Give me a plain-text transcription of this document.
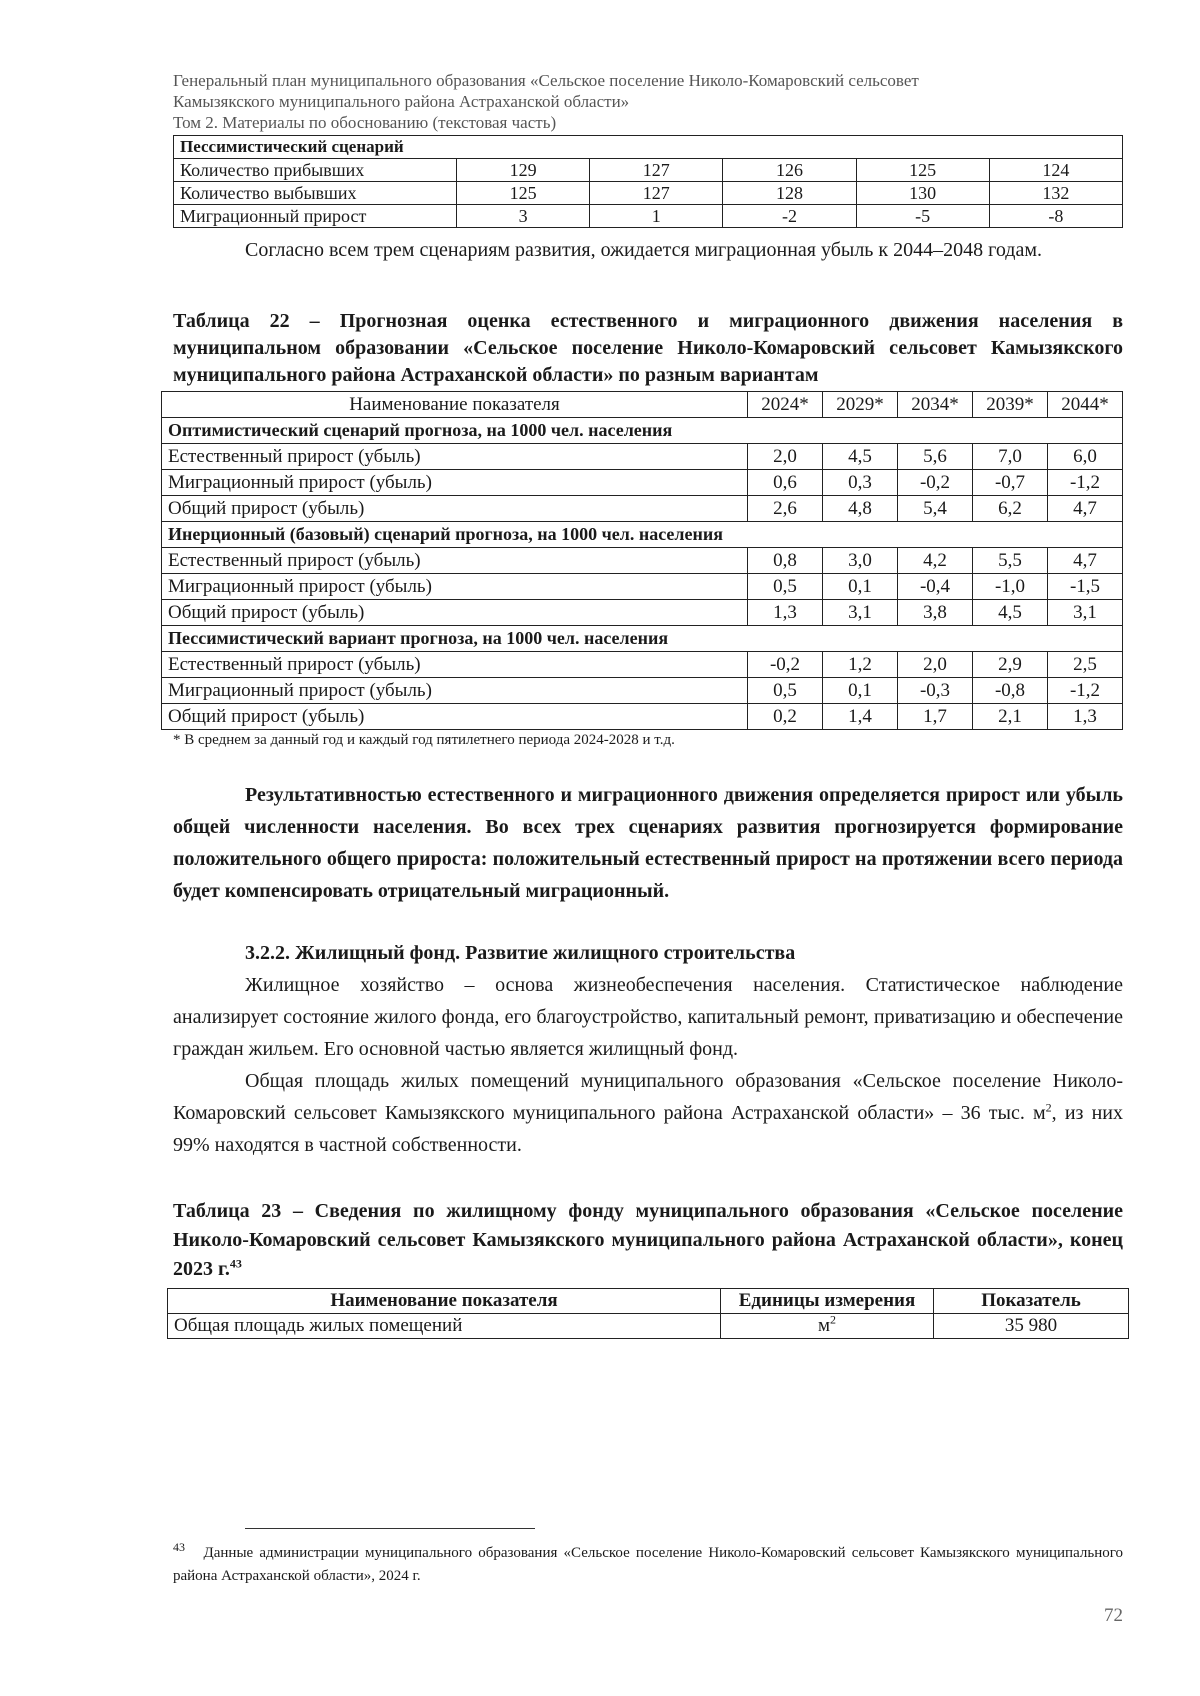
Генеральный план муниципального образования «Сельское поселение Николо-Комаровский сельсовет
Камызякского муниципального района Астраханской области»
Том 2. Материалы по обоснованию (текстовая часть)
Пессимистический сценарий					
Количество прибывших	129	127	126	125	124
Количество выбывших	125	127	128	130	132
Миграционный прирост	3	1	-2	-5	-8

Согласно всем трем сценариям развития, ожидается миграционная убыль к 2044–2048 годам.

Таблица 22 – Прогнозная оценка естественного и миграционного движения населения в муниципальном образовании «Сельское поселение Николо-Комаровский сельсовет Камызякского муниципального района Астраханской области» по разным вариантам

Наименование показателя	2024*	2029*	2034*	2039*	2044*
Оптимистический сценарий прогноза, на 1000 чел. населения					
Естественный прирост (убыль)	2,0	4,5	5,6	7,0	6,0
Миграционный прирост (убыль)	0,6	0,3	-0,2	-0,7	-1,2
Общий прирост (убыль)	2,6	4,8	5,4	6,2	4,7
Инерционный (базовый) сценарий прогноза, на 1000 чел. населения					
Естественный прирост (убыль)	0,8	3,0	4,2	5,5	4,7
Миграционный прирост (убыль)	0,5	0,1	-0,4	-1,0	-1,5
Общий прирост (убыль)	1,3	3,1	3,8	4,5	3,1
Пессимистический вариант прогноза, на 1000 чел. населения					
Естественный прирост (убыль)	-0,2	1,2	2,0	2,9	2,5
Миграционный прирост (убыль)	0,5	0,1	-0,3	-0,8	-1,2
Общий прирост (убыль)	0,2	1,4	1,7	2,1	1,3
* В среднем за данный год и каждый год пятилетнего периода 2024-2028 и т.д.

Результативностью естественного и миграционного движения определяется прирост или убыль общей численности населения. Во всех трех сценариях развития прогнозируется формирование положительного общего прироста: положительный естественный прирост на протяжении всего периода будет компенсировать отрицательный миграционный.

3.2.2. Жилищный фонд. Развитие жилищного строительства

Жилищное хозяйство – основа жизнеобеспечения населения. Статистическое наблюдение анализирует состояние жилого фонда, его благоустройство, капитальный ремонт, приватизацию и обеспечение граждан жильем. Его основной частью является жилищный фонд.

Общая площадь жилых помещений муниципального образования «Сельское поселение Николо-Комаровский сельсовет Камызякского муниципального района Астраханской области» – 36 тыс. $м^2$, из них 99% находятся в частной собственности.

Таблица 23 – Сведения по жилищному фонду муниципального образования «Сельское поселение Николо-Комаровский сельсовет Камызякского муниципального района Астраханской области», конец 2023 г.$^{43}$

Наименование показателя	Единицы измерения	Показатель
Общая площадь жилых помещений	$м^2$	35 980
$^{43}$ Данные администрации муниципального образования «Сельское поселение Николо-Комаровский сельсовет Камызякского муниципального района Астраханской области», 2024 г.
72
